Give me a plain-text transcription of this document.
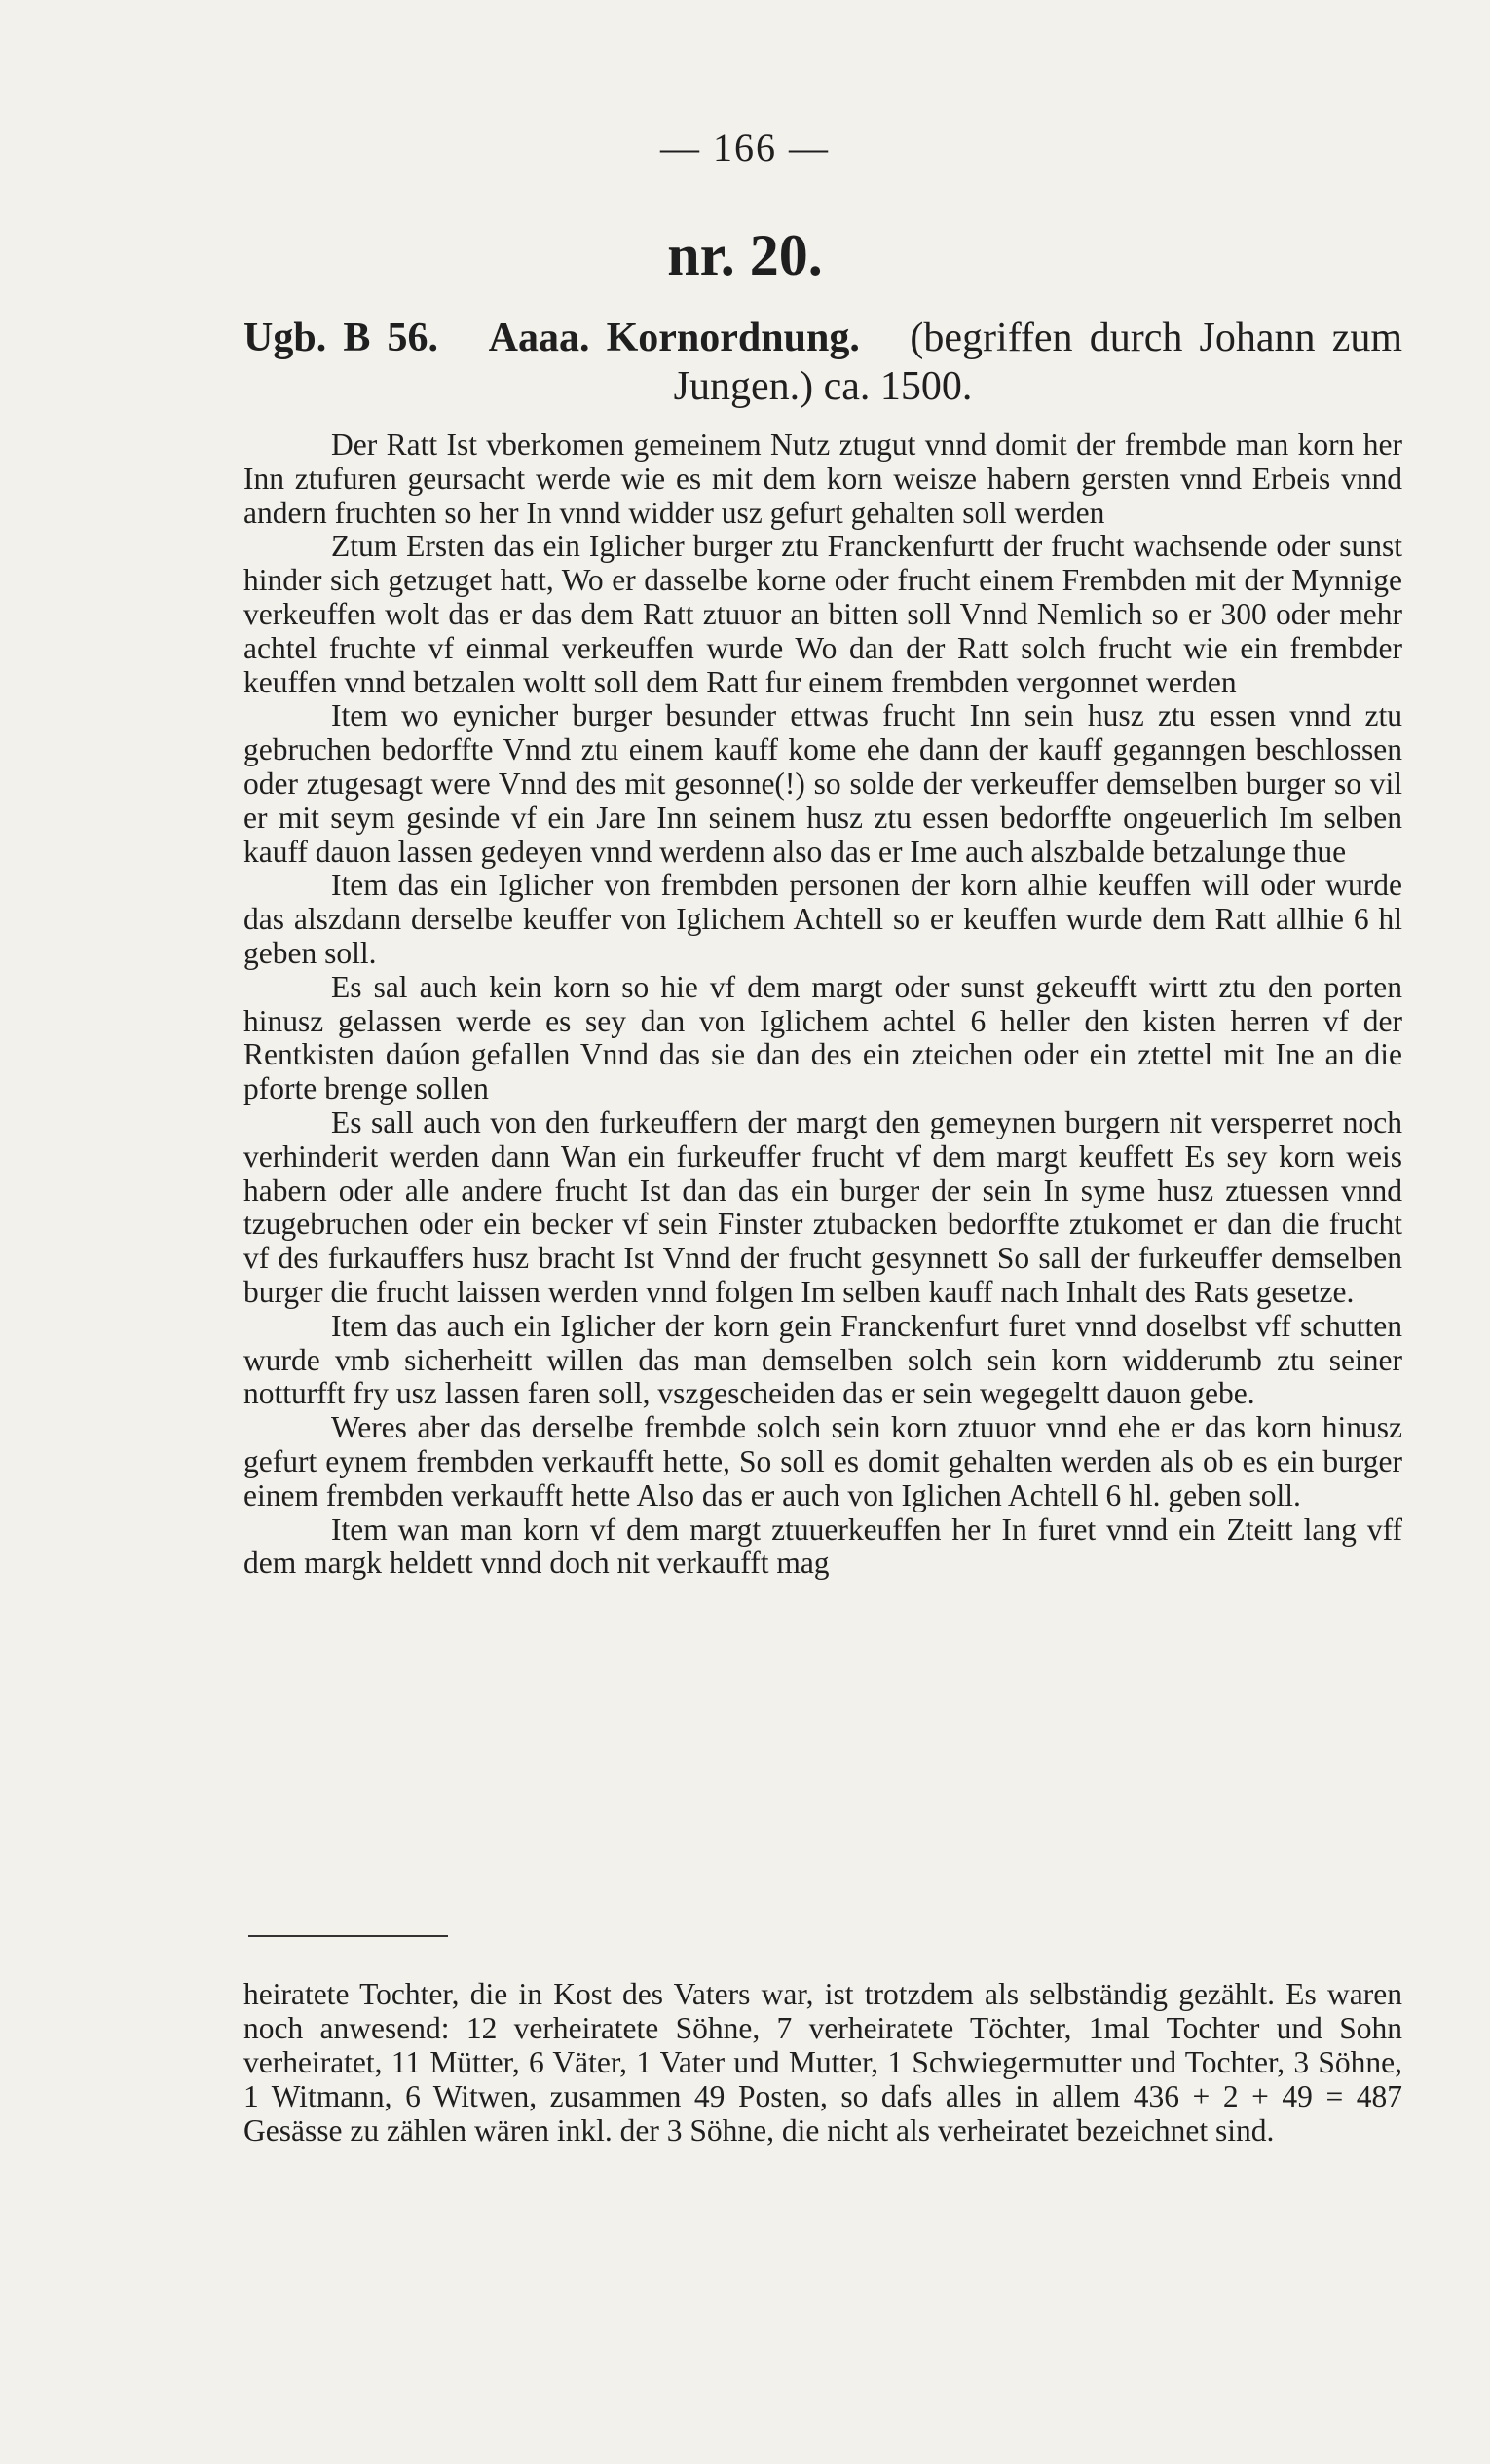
— 166 —
nr. 20.
Ugb. B 56. Aaaa. Kornordnung. (begriffen durch Johann zum Jungen.) ca. 1500.

Der Ratt Ist vberkomen gemeinem Nutz ztugut vnnd domit der frembde man korn her Inn ztufuren geursacht werde wie es mit dem korn weisze habern gersten vnnd Erbeis vnnd andern fruchten so her In vnnd widder usz gefurt gehalten soll werden

Ztum Ersten das ein Iglicher burger ztu Franckenfurtt der frucht wachsende oder sunst hinder sich getzuget hatt, Wo er dasselbe korne oder frucht einem Frembden mit der Mynnige verkeuffen wolt das er das dem Ratt ztuuor an bitten soll Vnnd Nemlich so er 300 oder mehr achtel fruchte vf einmal verkeuffen wurde Wo dan der Ratt solch frucht wie ein frembder keuffen vnnd betzalen woltt soll dem Ratt fur einem frembden vergonnet werden

Item wo eynicher burger besunder ettwas frucht Inn sein husz ztu essen vnnd ztu gebruchen bedorffte Vnnd ztu einem kauff kome ehe dann der kauff geganngen beschlossen oder ztugesagt were Vnnd des mit gesonne(!) so solde der verkeuffer demselben burger so vil er mit seym gesinde vf ein Jare Inn seinem husz ztu essen bedorffte ongeuerlich Im selben kauff dauon lassen gedeyen vnnd werdenn also das er Ime auch alszbalde betzalunge thue

Item das ein Iglicher von frembden personen der korn alhie keuffen will oder wurde das alszdann derselbe keuffer von Iglichem Achtell so er keuffen wurde dem Ratt allhie 6 hl geben soll.

Es sal auch kein korn so hie vf dem margt oder sunst gekeufft wirtt ztu den porten hinusz gelassen werde es sey dan von Iglichem achtel 6 heller den kisten herren vf der Rentkisten daúon gefallen Vnnd das sie dan des ein zteichen oder ein ztettel mit Ine an die pforte brenge sollen

Es sall auch von den furkeuffern der margt den gemeynen burgern nit versperret noch verhinderit werden dann Wan ein furkeuffer frucht vf dem margt keuffett Es sey korn weis habern oder alle andere frucht Ist dan das ein burger der sein In syme husz ztuessen vnnd tzugebruchen oder ein becker vf sein Finster ztubacken bedorffte ztukomet er dan die frucht vf des furkauffers husz bracht Ist Vnnd der frucht gesynnett So sall der furkeuffer demselben burger die frucht laissen werden vnnd folgen Im selben kauff nach Inhalt des Rats gesetze.

Item das auch ein Iglicher der korn gein Franckenfurt furet vnnd doselbst vff schutten wurde vmb sicherheitt willen das man demselben solch sein korn widderumb ztu seiner notturfft fry usz lassen faren soll, vszgescheiden das er sein wegegeltt dauon gebe.

Weres aber das derselbe frembde solch sein korn ztuuor vnnd ehe er das korn hinusz gefurt eynem frembden verkaufft hette, So soll es domit gehalten werden als ob es ein burger einem frembden verkaufft hette Also das er auch von Iglichen Achtell 6 hl. geben soll.

Item wan man korn vf dem margt ztuuerkeuffen her In furet vnnd ein Zteitt lang vff dem margk heldett vnnd doch nit verkaufft mag

heiratete Tochter, die in Kost des Vaters war, ist trotzdem als selbständig gezählt. Es waren noch anwesend: 12 verheiratete Söhne, 7 verheiratete Töchter, 1mal Tochter und Sohn verheiratet, 11 Mütter, 6 Väter, 1 Vater und Mutter, 1 Schwiegermutter und Tochter, 3 Söhne, 1 Witmann, 6 Witwen, zusammen 49 Posten, so dafs alles in allem 436 + 2 + 49 = 487 Gesässe zu zählen wären inkl. der 3 Söhne, die nicht als verheiratet bezeichnet sind.
